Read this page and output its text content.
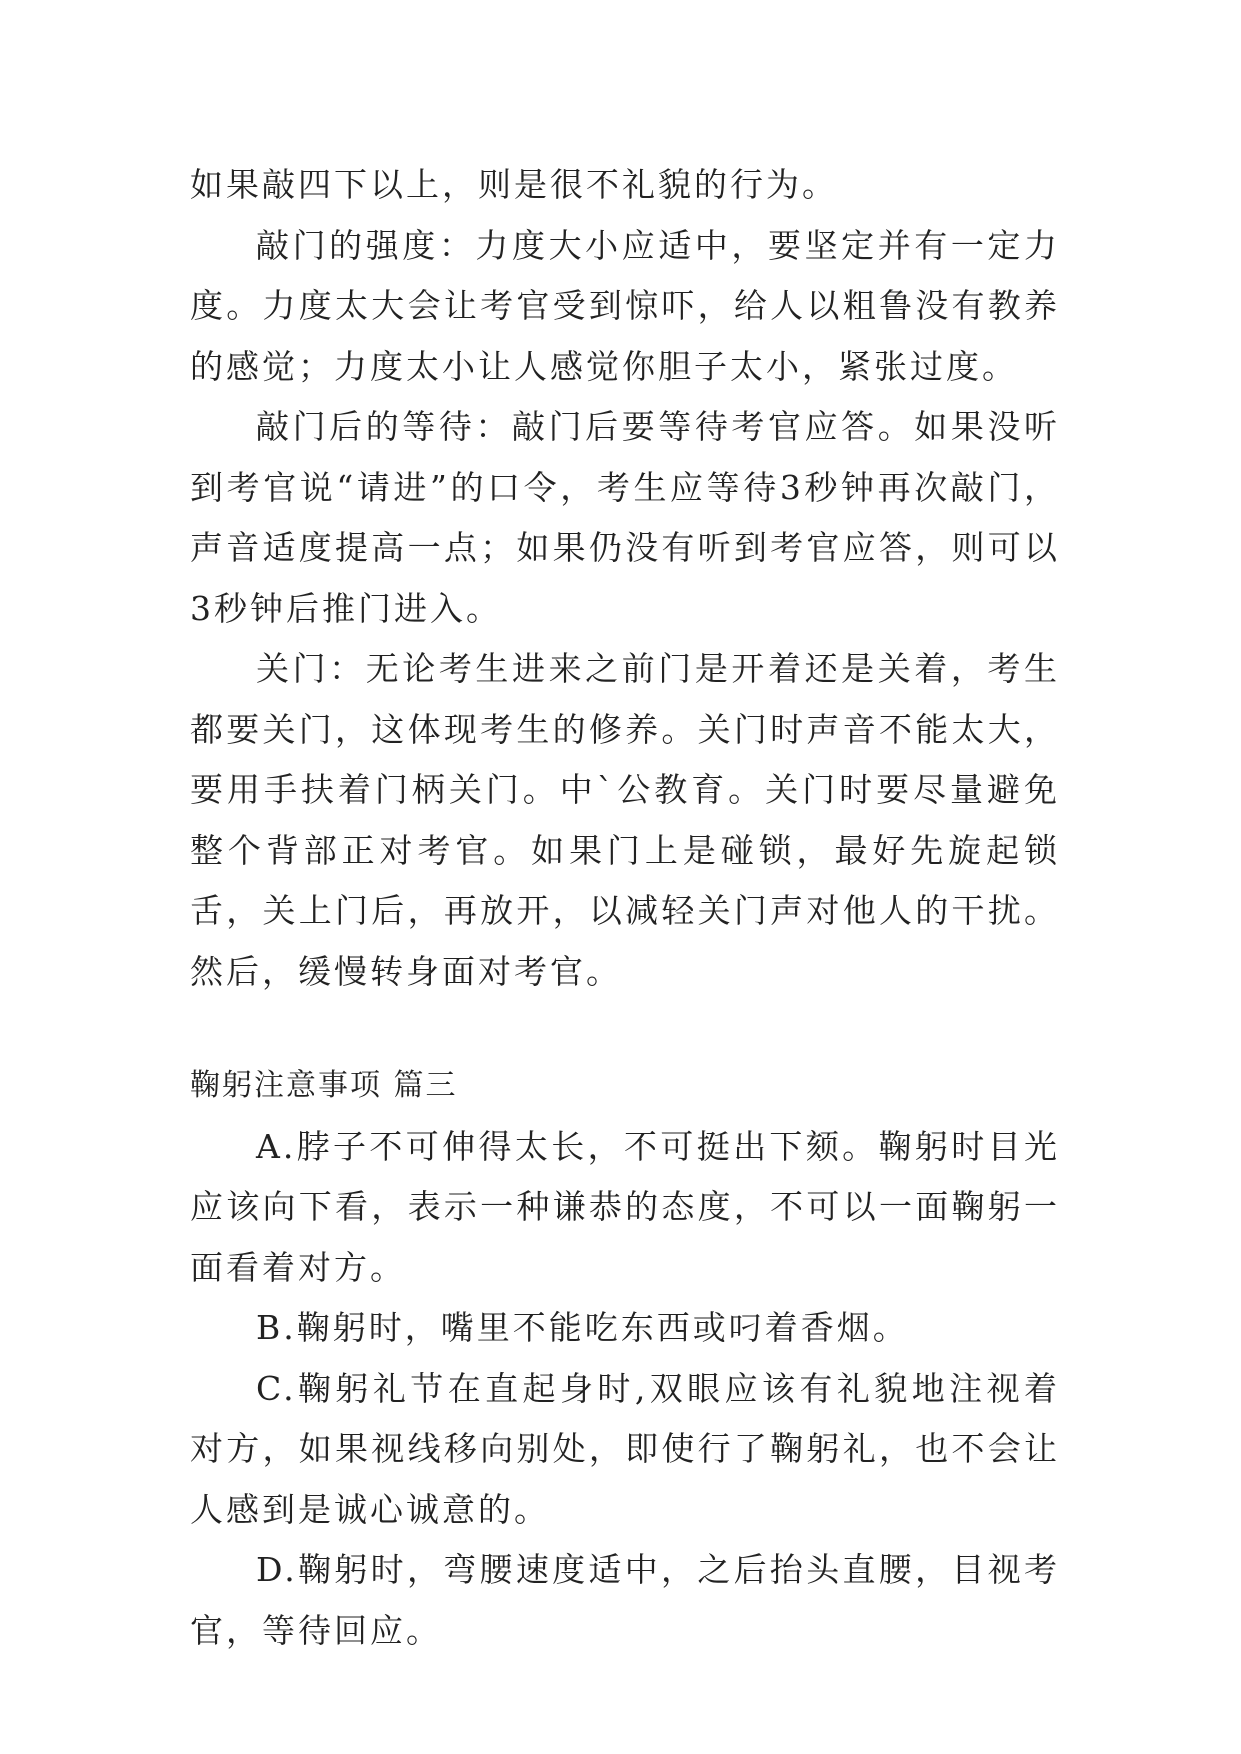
如果敲四下以上，则是很不礼貌的行为。

敲门的强度：力度大小应适中，要坚定并有一定力度。力度太大会让考官受到惊吓，给人以粗鲁没有教养的感觉；力度太小让人感觉你胆子太小，紧张过度。

敲门后的等待：敲门后要等待考官应答。如果没听到考官说“请进”的口令，考生应等待3秒钟再次敲门，声音适度提高一点；如果仍没有听到考官应答，则可以3秒钟后推门进入。

关门：无论考生进来之前门是开着还是关着，考生都要关门，这体现考生的修养。关门时声音不能太大，要用手扶着门柄关门。中`公教育。关门时要尽量避免整个背部正对考官。如果门上是碰锁，最好先旋起锁舌，关上门后，再放开，以减轻关门声对他人的干扰。然后，缓慢转身面对考官。

鞠躬注意事项 篇三

A.脖子不可伸得太长，不可挺出下颏。鞠躬时目光应该向下看，表示一种谦恭的态度，不可以一面鞠躬一面看着对方。

B.鞠躬时，嘴里不能吃东西或叼着香烟。

C.鞠躬礼节在直起身时,双眼应该有礼貌地注视着对方，如果视线移向别处，即使行了鞠躬礼，也不会让人感到是诚心诚意的。

D.鞠躬时，弯腰速度适中，之后抬头直腰，目视考官，等待回应。
